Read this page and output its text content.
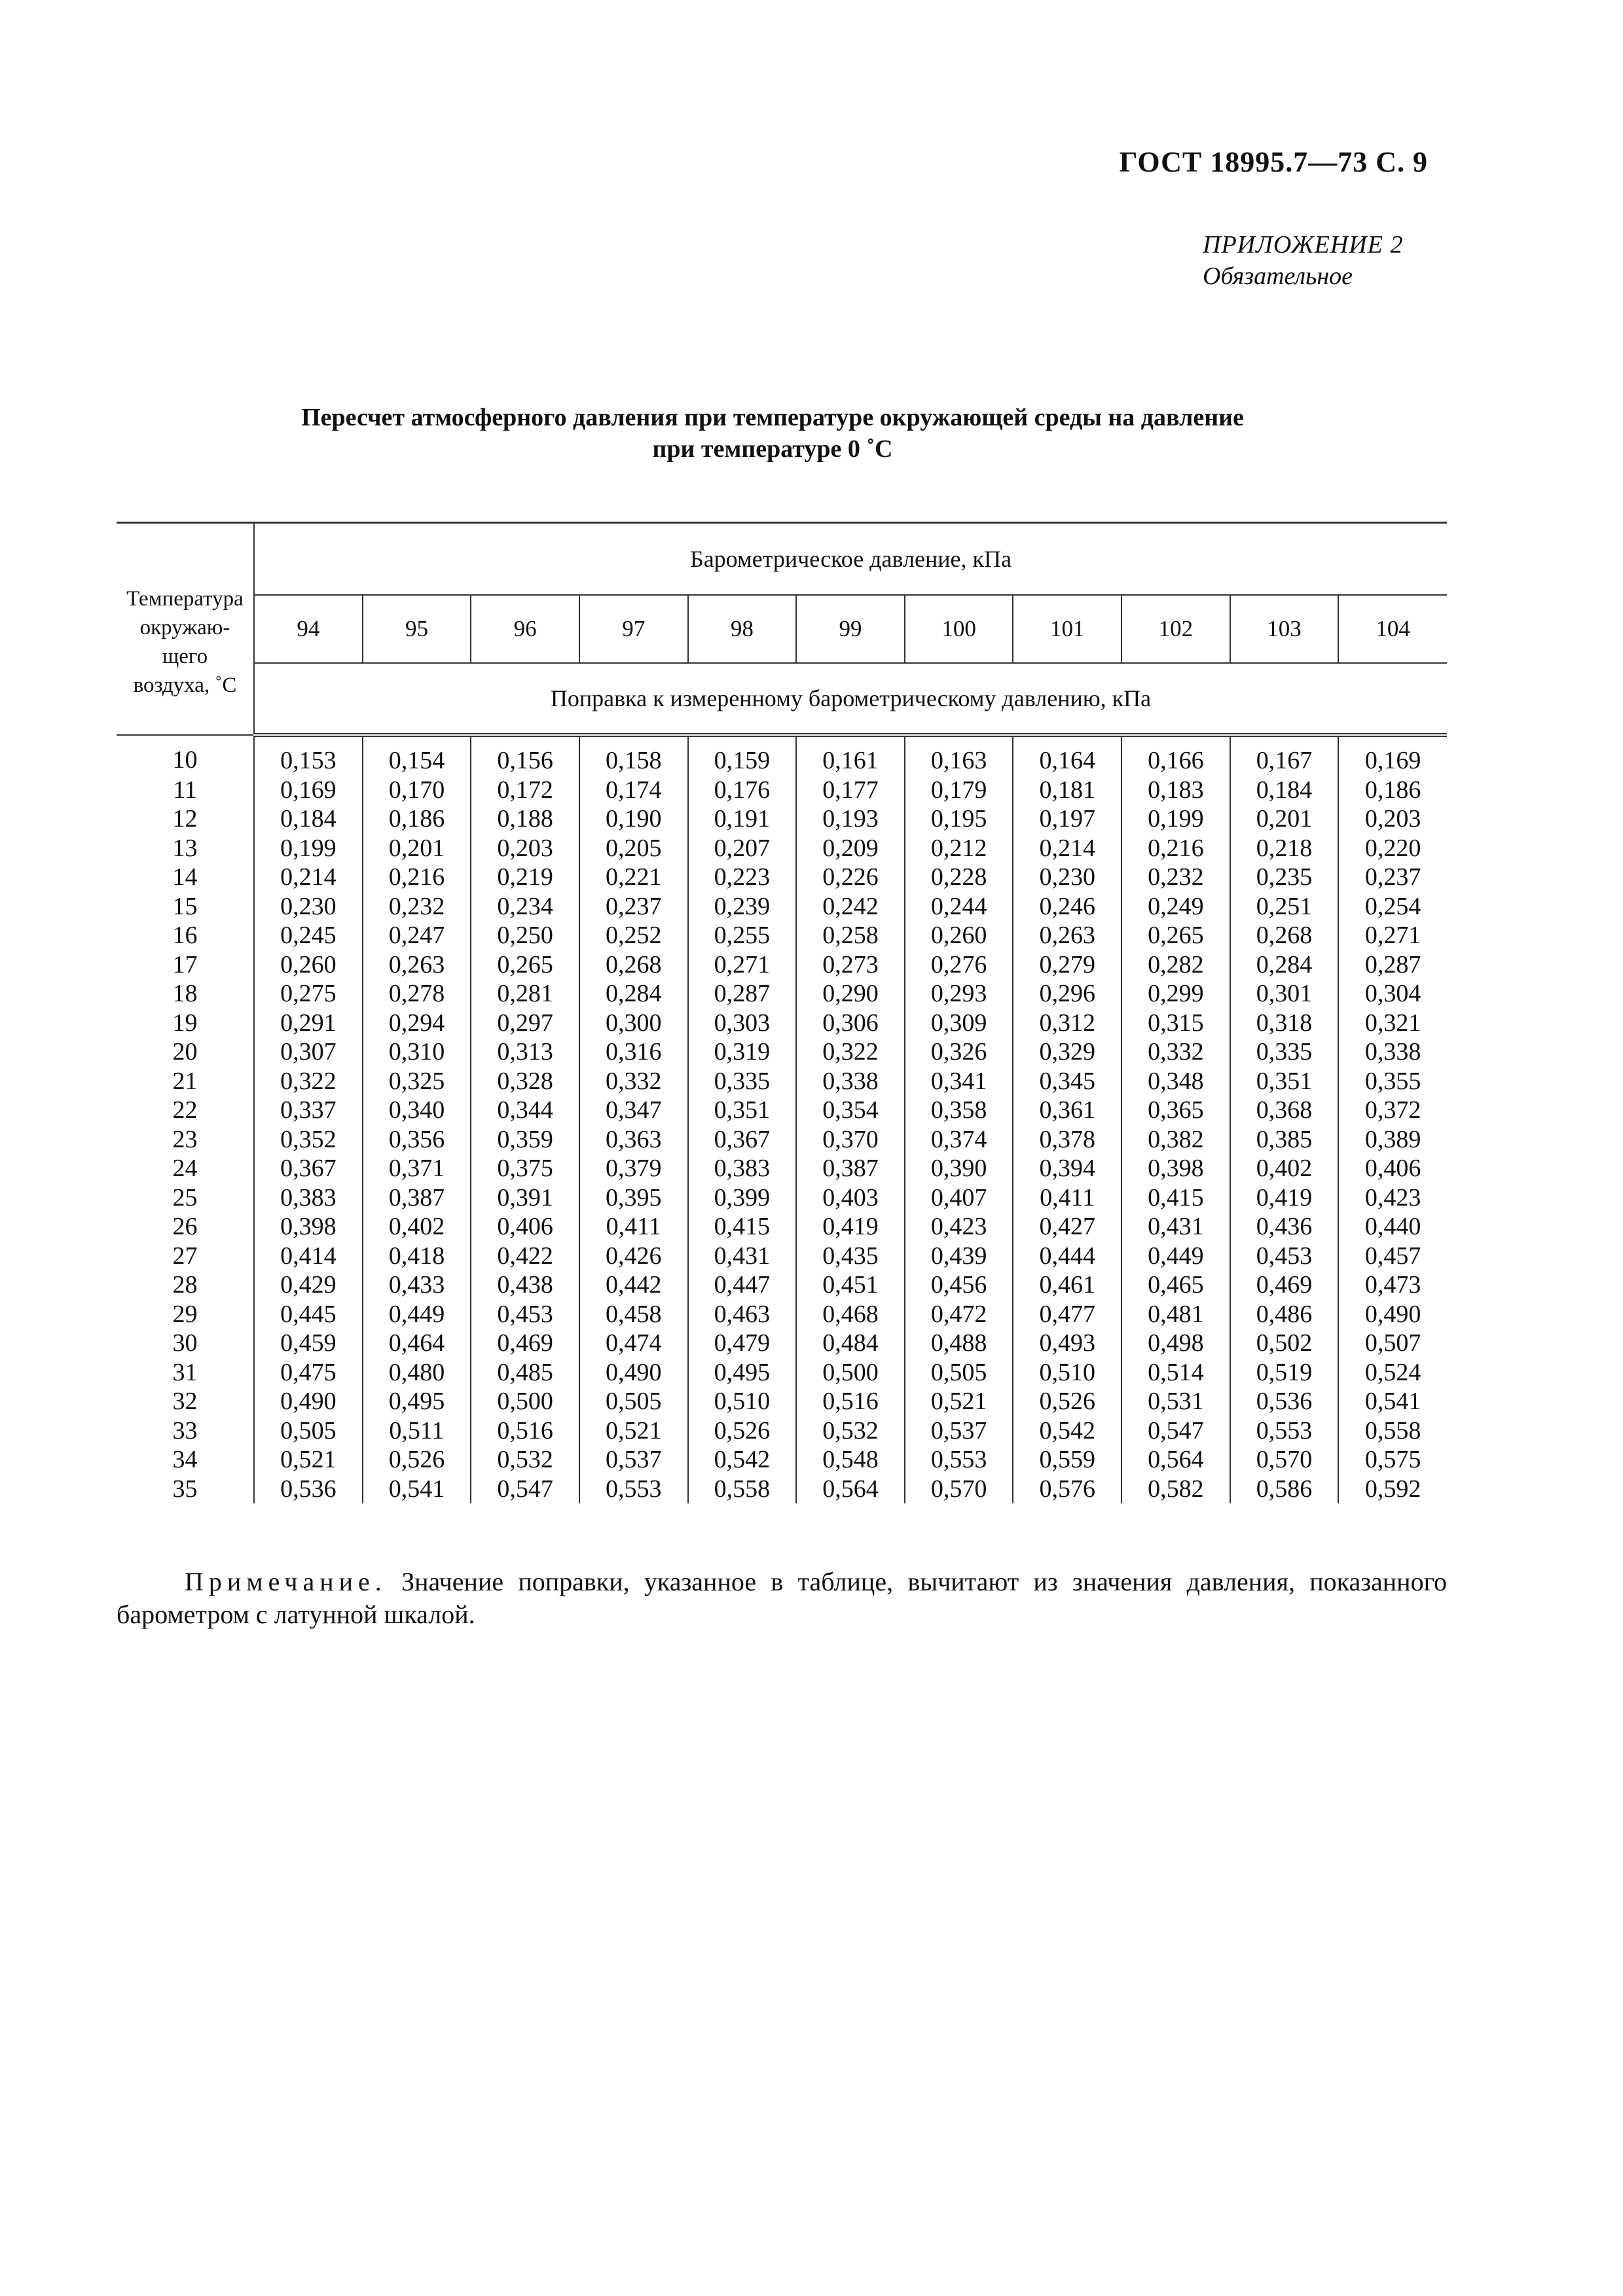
ГОСТ 18995.7—73 С. 9
ПРИЛОЖЕНИЕ 2
Обязательное
Пересчет атмосферного давления при температуре окружающей среды на давление
при температуре 0 ˚С
Температура
окружаю-
щего
воздуха, ˚С	Барометрическое давление, кПа										
	94	95	96	97	98	99	100	101	102	103	104
	Поправка к измеренному барометрическому давлению, кПа										
10	0,153	0,154	0,156	0,158	0,159	0,161	0,163	0,164	0,166	0,167	0,169
11	0,169	0,170	0,172	0,174	0,176	0,177	0,179	0,181	0,183	0,184	0,186
12	0,184	0,186	0,188	0,190	0,191	0,193	0,195	0,197	0,199	0,201	0,203
13	0,199	0,201	0,203	0,205	0,207	0,209	0,212	0,214	0,216	0,218	0,220
14	0,214	0,216	0,219	0,221	0,223	0,226	0,228	0,230	0,232	0,235	0,237
15	0,230	0,232	0,234	0,237	0,239	0,242	0,244	0,246	0,249	0,251	0,254
16	0,245	0,247	0,250	0,252	0,255	0,258	0,260	0,263	0,265	0,268	0,271
17	0,260	0,263	0,265	0,268	0,271	0,273	0,276	0,279	0,282	0,284	0,287
18	0,275	0,278	0,281	0,284	0,287	0,290	0,293	0,296	0,299	0,301	0,304
19	0,291	0,294	0,297	0,300	0,303	0,306	0,309	0,312	0,315	0,318	0,321
20	0,307	0,310	0,313	0,316	0,319	0,322	0,326	0,329	0,332	0,335	0,338
21	0,322	0,325	0,328	0,332	0,335	0,338	0,341	0,345	0,348	0,351	0,355
22	0,337	0,340	0,344	0,347	0,351	0,354	0,358	0,361	0,365	0,368	0,372
23	0,352	0,356	0,359	0,363	0,367	0,370	0,374	0,378	0,382	0,385	0,389
24	0,367	0,371	0,375	0,379	0,383	0,387	0,390	0,394	0,398	0,402	0,406
25	0,383	0,387	0,391	0,395	0,399	0,403	0,407	0,411	0,415	0,419	0,423
26	0,398	0,402	0,406	0,411	0,415	0,419	0,423	0,427	0,431	0,436	0,440
27	0,414	0,418	0,422	0,426	0,431	0,435	0,439	0,444	0,449	0,453	0,457
28	0,429	0,433	0,438	0,442	0,447	0,451	0,456	0,461	0,465	0,469	0,473
29	0,445	0,449	0,453	0,458	0,463	0,468	0,472	0,477	0,481	0,486	0,490
30	0,459	0,464	0,469	0,474	0,479	0,484	0,488	0,493	0,498	0,502	0,507
31	0,475	0,480	0,485	0,490	0,495	0,500	0,505	0,510	0,514	0,519	0,524
32	0,490	0,495	0,500	0,505	0,510	0,516	0,521	0,526	0,531	0,536	0,541
33	0,505	0,511	0,516	0,521	0,526	0,532	0,537	0,542	0,547	0,553	0,558
34	0,521	0,526	0,532	0,537	0,542	0,548	0,553	0,559	0,564	0,570	0,575
35	0,536	0,541	0,547	0,553	0,558	0,564	0,570	0,576	0,582	0,586	0,592
Примечание. Значение поправки, указанное в таблице, вычитают из значения давления, показанного барометром с латунной шкалой.
